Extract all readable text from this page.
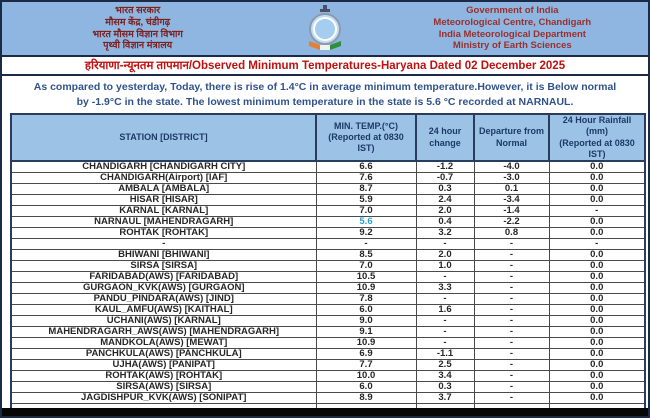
भारत सरकार
मौसम केंद्र, चंडीगढ़
भारत मौसम विज्ञान विभाग
पृथ्वी विज्ञान मंत्रालय
Government of India
Meteorological Centre, Chandigarh
India Meteorological Department
Ministry of Earth Sciences
हरियाणा-न्यूनतम तापमान/Observed Minimum Temperatures-Haryana Dated 02 December 2025
As compared to yesterday, Today, there is rise of 1.4°C in average minimum temperature.However, it is Below normal by -1.9°C in the state. The lowest minimum temperature in the state is 5.6 °C recorded at NARNAUL.
STATION [DISTRICT]

MIN. TEMP.(°C)
(Reported at 0830 IST)

24 hour
change

Departure from
Normal

24 Hour Rainfall (mm)
(Reported at 0830 IST)

CHANDIGARH [CHANDIGARH CITY]	6.6	-1.2	-4.0	0.0
CHANDIGARH(Airport) [IAF]	7.6	-0.7	-3.0	0.0
AMBALA [AMBALA]	8.7	0.3	0.1	0.0
HISAR [HISAR]	5.9	2.4	-3.4	0.0
KARNAL [KARNAL]	7.0	2.0	-1.4	-
NARNAUL [MAHENDRAGARH]	5.6	0.4	-2.2	0.0
ROHTAK [ROHTAK]	9.2	3.2	0.8	0.0
-	-	-	-	-
BHIWANI [BHIWANI]	8.5	2.0	-	0.0
SIRSA [SIRSA]	7.0	1.0	-	0.0
FARIDABAD(AWS) [FARIDABAD]	10.5	-	-	0.0
GURGAON_KVK(AWS) [GURGAON]	10.9	3.3	-	0.0
PANDU_PINDARA(AWS) [JIND]	7.8	-	-	0.0
KAUL_AMFU(AWS) [KAITHAL]	6.0	1.6	-	0.0
UCHANI(AWS) [KARNAL]	9.0	-	-	0.0
MAHENDRAGARH_AWS(AWS) [MAHENDRAGARH]	9.1	-	-	0.0
MANDKOLA(AWS) [MEWAT]	10.9	-	-	0.0
PANCHKULA(AWS) [PANCHKULA]	6.9	-1.1	-	0.0
UJHA(AWS) [PANIPAT]	7.7	2.5	-	0.0
ROHTAK(AWS) [ROHTAK]	10.0	3.4	-	0.0
SIRSA(AWS) [SIRSA]	6.0	0.3	-	0.0
JAGDISHPUR_KVK(AWS) [SONIPAT]	8.9	3.7	-	0.0
